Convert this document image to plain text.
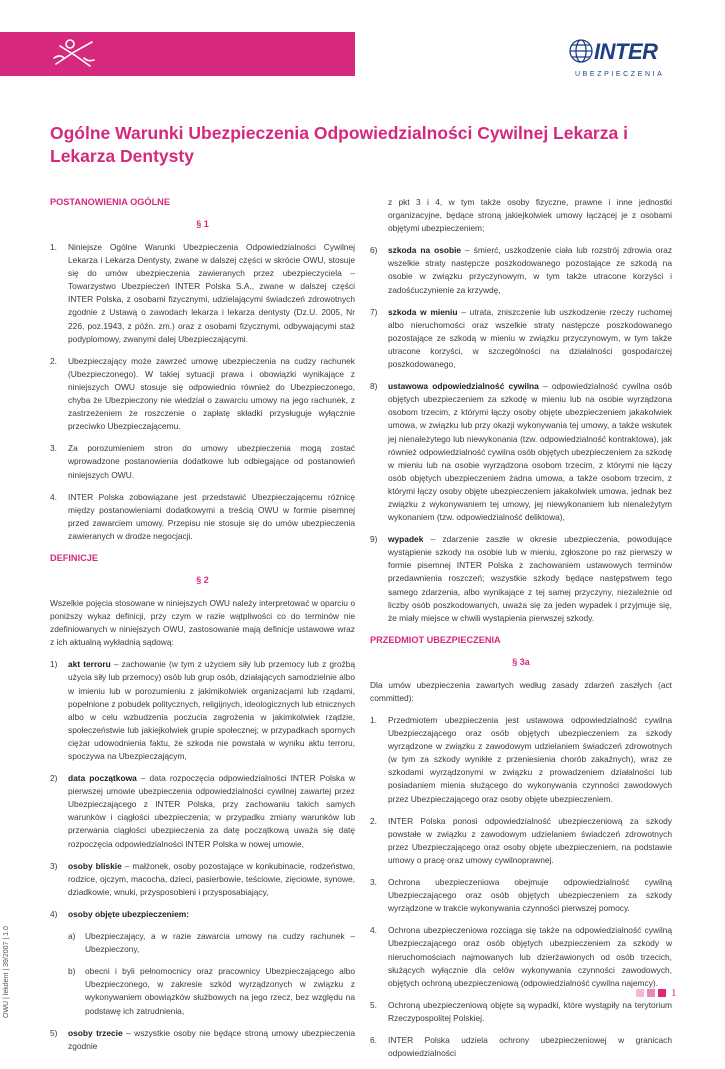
INTER
UBEZPIECZENIA
Ogólne Warunki Ubezpieczenia Odpowiedzialności Cywilnej Lekarza i Lekarza Dentysty
POSTANOWIENIA OGÓLNE
§ 1
1.	Niniejsze Ogólne Warunki Ubezpieczenia Odpowiedzialności Cywilnej Lekarza i Lekarza Dentysty, zwane w dalszej części w skrócie OWU, stosuje się do umów ubezpieczenia zawieranych przez ubezpieczyciela – Towarzystwo Ubezpieczeń INTER Polska S.A., zwane w dalszej części INTER Polska, z osobami fizycznymi, udzielającymi świadczeń zdrowotnych zgodnie z Ustawą o zawodach lekarza i lekarza dentysty (Dz.U. 2005, Nr 226, poz.1943, z późn. zm.) oraz z osobami fizycznymi, odbywającymi staż podyplomowy, zwanymi dalej Ubezpieczającymi.
2.	Ubezpieczający może zawrzeć umowę ubezpieczenia na cudzy rachunek (Ubezpieczonego). W takiej sytuacji prawa i obowiązki wynikające z niniejszych OWU stosuje się odpowiednio również do Ubezpieczonego, chyba że Ubezpieczony nie wiedział o zawarciu umowy na jego rachunek, z zastrzeżeniem że roszczenie o zapłatę składki przysługuje wyłącznie przeciwko Ubezpieczającemu.
3.	Za porozumieniem stron do umowy ubezpieczenia mogą zostać wprowadzone postanowienia dodatkowe lub odbiegające od postanowień niniejszych OWU.
4.	INTER Polska zobowiązane jest przedstawić Ubezpieczającemu różnicę między postanowieniami dodatkowymi a treścią OWU w formie pisemnej przed zawarciem umowy. Przepisu nie stosuje się do umów ubezpieczenia zawieranych w drodze negocjacji.
DEFINICJE
§ 2
Wszelkie pojęcia stosowane w niniejszych OWU należy interpretować w oparciu o poniższy wykaz definicji, przy czym w razie wątpliwości co do terminów nie zdefiniowanych w niniejszych OWU, zastosowanie mają definicje ustawowe wraz z ich aktualną wykładnią sądową:
1)	akt terroru – zachowanie (w tym z użyciem siły lub przemocy lub z groźbą użycia siły lub przemocy) osób lub grup osób, działających samodzielnie albo w imieniu lub w porozumieniu z jakimikolwiek organizacjami lub rządami, popełnione z pobudek politycznych, religijnych, ideologicznych lub etnicznych albo w celu wzbudzenia poczucia zagrożenia w jakimkolwiek rządzie, społeczeństwie lub jakiejkolwiek grupie społecznej; w przypadkach spornych ciężar udowodnienia faktu, że szkoda nie powstała w wyniku aktu terroru, spoczywa na Ubezpieczającym,
2)	data początkowa – data rozpoczęcia odpowiedzialności INTER Polska w pierwszej umowie ubezpieczenia odpowiedzialności cywilnej zawartej przez Ubezpieczającego z INTER Polska, przy zachowaniu takich samych warunków i ciągłości ubezpieczenia; w przypadku zmiany warunków lub przerwania ciągłości ubezpieczenia za datę początkową uważa się datę rozpoczęcia odpowiedzialności INTER Polska w nowej umowie,
3)	osoby bliskie – małżonek, osoby pozostające w konkubinacie, rodzeństwo, rodzice, ojczym, macocha, dzieci, pasierbowie, teściowie, zięciowie, synowe, dziadkowie, wnuki, przysposobieni i przysposabiający,
4)	osoby objęte ubezpieczeniem:
a)	Ubezpieczający, a w razie zawarcia umowy na cudzy rachunek – Ubezpieczony,
b)	obecni i byli pełnomocnicy oraz pracownicy Ubezpieczającego albo Ubezpieczonego, w zakresie szkód wyrządzonych w związku z wykonywaniem obowiązków służbowych na jego rzecz, bez względu na podstawę ich zatrudnienia,
5)	osoby trzecie – wszystkie osoby nie będące stroną umowy ubezpieczenia zgodnie
z pkt 3 i 4, w tym także osoby fizyczne, prawne i inne jednostki organizacyjne, będące stroną jakiejkolwiek umowy łączącej je z osobami objętymi ubezpieczeniem;
6)	szkoda na osobie – śmierć, uszkodzenie ciała lub rozstrój zdrowia oraz wszelkie straty następcze poszkodowanego pozostające ze szkodą na osobie w związku przyczynowym, w tym także utracone korzyści i zadośćuczynienie za krzywdę,
7)	szkoda w mieniu – utrata, zniszczenie lub uszkodzenie rzeczy ruchomej albo nieruchomości oraz wszelkie straty następcze poszkodowanego pozostające ze szkodą w mieniu w związku przyczynowym, w tym także utracone korzyści, w szczególności na działalności gospodarczej poszkodowanego,
8)	ustawowa odpowiedzialność cywilna – odpowiedzialność cywilna osób objętych ubezpieczeniem za szkodę w mieniu lub na osobie wyrządzona osobom trzecim, z którymi łączy osoby objęte ubezpieczeniem jakakolwiek umowa, w związku lub przy okazji wykonywania tej umowy, a także wskutek jej nienależytego lub niewykonania (tzw. odpowiedzialność kontraktowa), jak również odpowiedzialność cywilna osób objętych ubezpieczeniem za szkodę w mieniu lub na osobie wyrządzona osobom trzecim, z którymi nie łączy osób objętych ubezpieczeniem żadna umowa, a także osobom trzecim, z którymi łączy osoby objęte ubezpieczeniem jakakolwiek umowa, jednak bez związku z wykonywaniem tej umowy, jej niewykonaniem lub nienależytym wykonaniem (tzw. odpowiedzialność deliktowa),
9)	wypadek – zdarzenie zaszłe w okresie ubezpieczenia, powodujące wystąpienie szkody na osobie lub w mieniu, zgłoszone po raz pierwszy w formie pisemnej INTER Polska z zachowaniem ustawowych terminów przedawnienia roszczeń; wszystkie szkody będące następstwem tego samego zdarzenia, albo wynikające z tej samej przyczyny, niezależnie od liczby osób poszkodowanych, uważa się za jeden wypadek i przyjmuje się, że miały miejsce w chwili wystąpienia pierwszej szkody.
PRZEDMIOT UBEZPIECZENIA
§ 3a
Dla umów ubezpieczenia zawartych według zasady zdarzeń zaszłych (act committed):
1.	Przedmiotem ubezpieczenia jest ustawowa odpowiedzialność cywilna Ubezpieczającego oraz osób objętych ubezpieczeniem za szkody wyrządzone w związku z zawodowym udzielaniem świadczeń zdrowotnych (w tym za szkody wynikłe z przeniesienia chorób zakaźnych), wraz ze szkodami wyrządzonymi w związku z prowadzeniem działalności lub posiadaniem mienia służącego do wykonywania czynności zawodowych przez Ubezpieczającego oraz osoby objęte ubezpieczeniem.
2.	INTER Polska ponosi odpowiedzialność ubezpieczeniową za szkody powstałe w związku z zawodowym udzielaniem świadczeń zdrowotnych przez Ubezpieczającego oraz osoby objęte ubezpieczeniem, na podstawie umowy o pracę oraz umowy cywilnoprawnej.
3.	Ochrona ubezpieczeniowa obejmuje odpowiedzialność cywilną Ubezpieczającego oraz osób objętych ubezpieczeniem za szkody wyrządzone w trakcie wykonywania czynności pierwszej pomocy.
4.	Ochrona ubezpieczeniowa rozciąga się także na odpowiedzialność cywilną Ubezpieczającego oraz osób objętych ubezpieczeniem za szkody w nieruchomościach najmowanych lub dzierżawionych od osób trzecich, służących wyłącznie dla celów wykonywania czynności zawodowych, objętych ochroną ubezpieczeniową (odpowiedzialność cywilna najemcy).
5.	Ochroną ubezpieczeniową objęte są wypadki, które wystąpiły na terytorium Rzeczypospolitej Polskiej.
6.	INTER Polska udziela ochrony ubezpieczeniowej w granicach odpowiedzialności
OWU | lekdent | 39/2007 | 1.0	1
